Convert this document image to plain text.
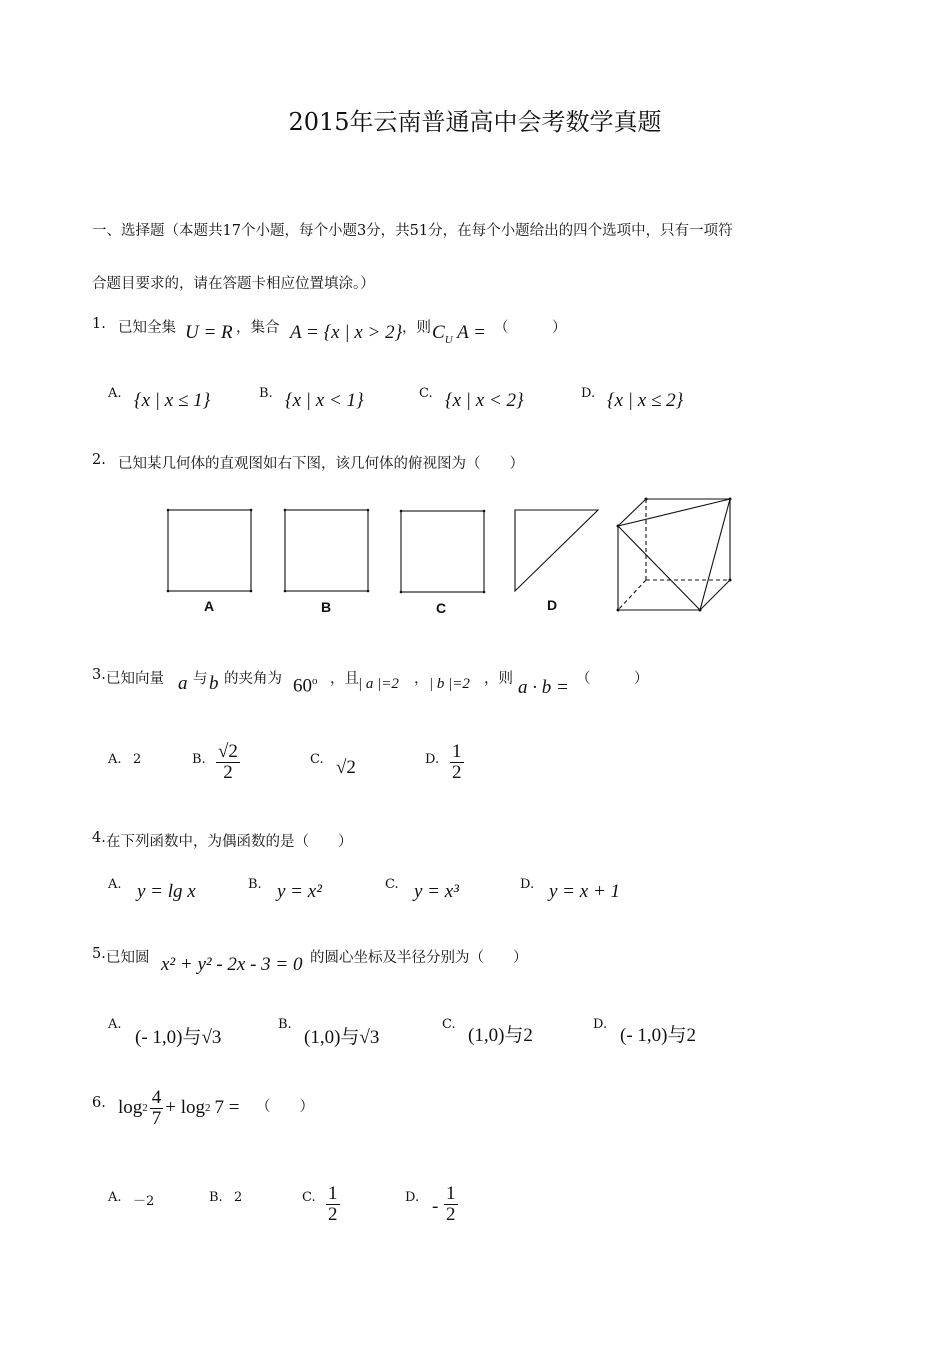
2015年云南普通高中会考数学真题
一、选择题（本题共17个小题，每个小题3分，共51分，在每个小题给出的四个选项中，只有一项符
合题目要求的，请在答题卡相应位置填涂。）
1. 已知全集 U = R ，集合 A = {x | x > 2} ，则 $C_U$ A = （　　　）
A. {x | x ≤ 1}	B. {x | x < 1}	C. {x | x < 2}	D. {x | x ≤ 2}
2. 已知某几何体的直观图如右下图，该几何体的俯视图为（　　）
A	B	C	D
3. 已知向量 a 与 b 的夹角为 60$^o$ ，且 | a |=2 ， | b |=2 ，则 a · b = （　　　）
A. 2	B. $\frac{√2}{2}$	C. √2	D. $\frac{1}{2}$
4. 在下列函数中，为偶函数的是（　　）
A. y = lg x	B. y = x²	C. y = x³	D. y = x + 1
5. 已知圆 x² + y² - 2x - 3 = 0 的圆心坐标及半径分别为（　　）
A.
(- 1,0)与√3
B.
(1,0)与√3
C.
(1,0)与2
D.
(- 1,0)与2
6. $\log 2 \frac{4}{7} + \log 2$ 7 = （　　）
A. －2	B. 2	C. $\frac{1}{2}$	D. - $\frac{1}{2}$
